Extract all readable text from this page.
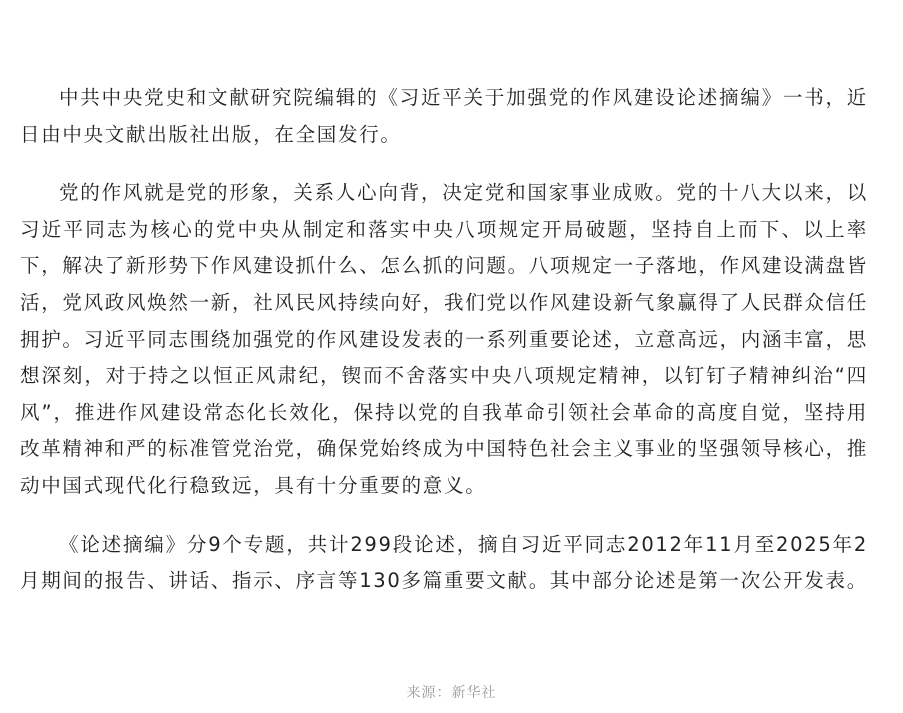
中共中央党史和文献研究院编辑的《习近平关于加强党的作风建设论述摘编》一书，近日由中央文献出版社出版，在全国发行。

党的作风就是党的形象，关系人心向背，决定党和国家事业成败。党的十八大以来，以习近平同志为核心的党中央从制定和落实中央八项规定开局破题，坚持自上而下、以上率下，解决了新形势下作风建设抓什么、怎么抓的问题。八项规定一子落地，作风建设满盘皆活，党风政风焕然一新，社风民风持续向好，我们党以作风建设新气象赢得了人民群众信任拥护。习近平同志围绕加强党的作风建设发表的一系列重要论述，立意高远，内涵丰富，思想深刻，对于持之以恒正风肃纪，锲而不舍落实中央八项规定精神，以钉钉子精神纠治“四风”，推进作风建设常态化长效化，保持以党的自我革命引领社会革命的高度自觉，坚持用改革精神和严的标准管党治党，确保党始终成为中国特色社会主义事业的坚强领导核心，推动中国式现代化行稳致远，具有十分重要的意义。

《论述摘编》分9个专题，共计299段论述，摘自习近平同志2012年11月至2025年2月期间的报告、讲话、指示、序言等130多篇重要文献。其中部分论述是第一次公开发表。

来源：新华社
